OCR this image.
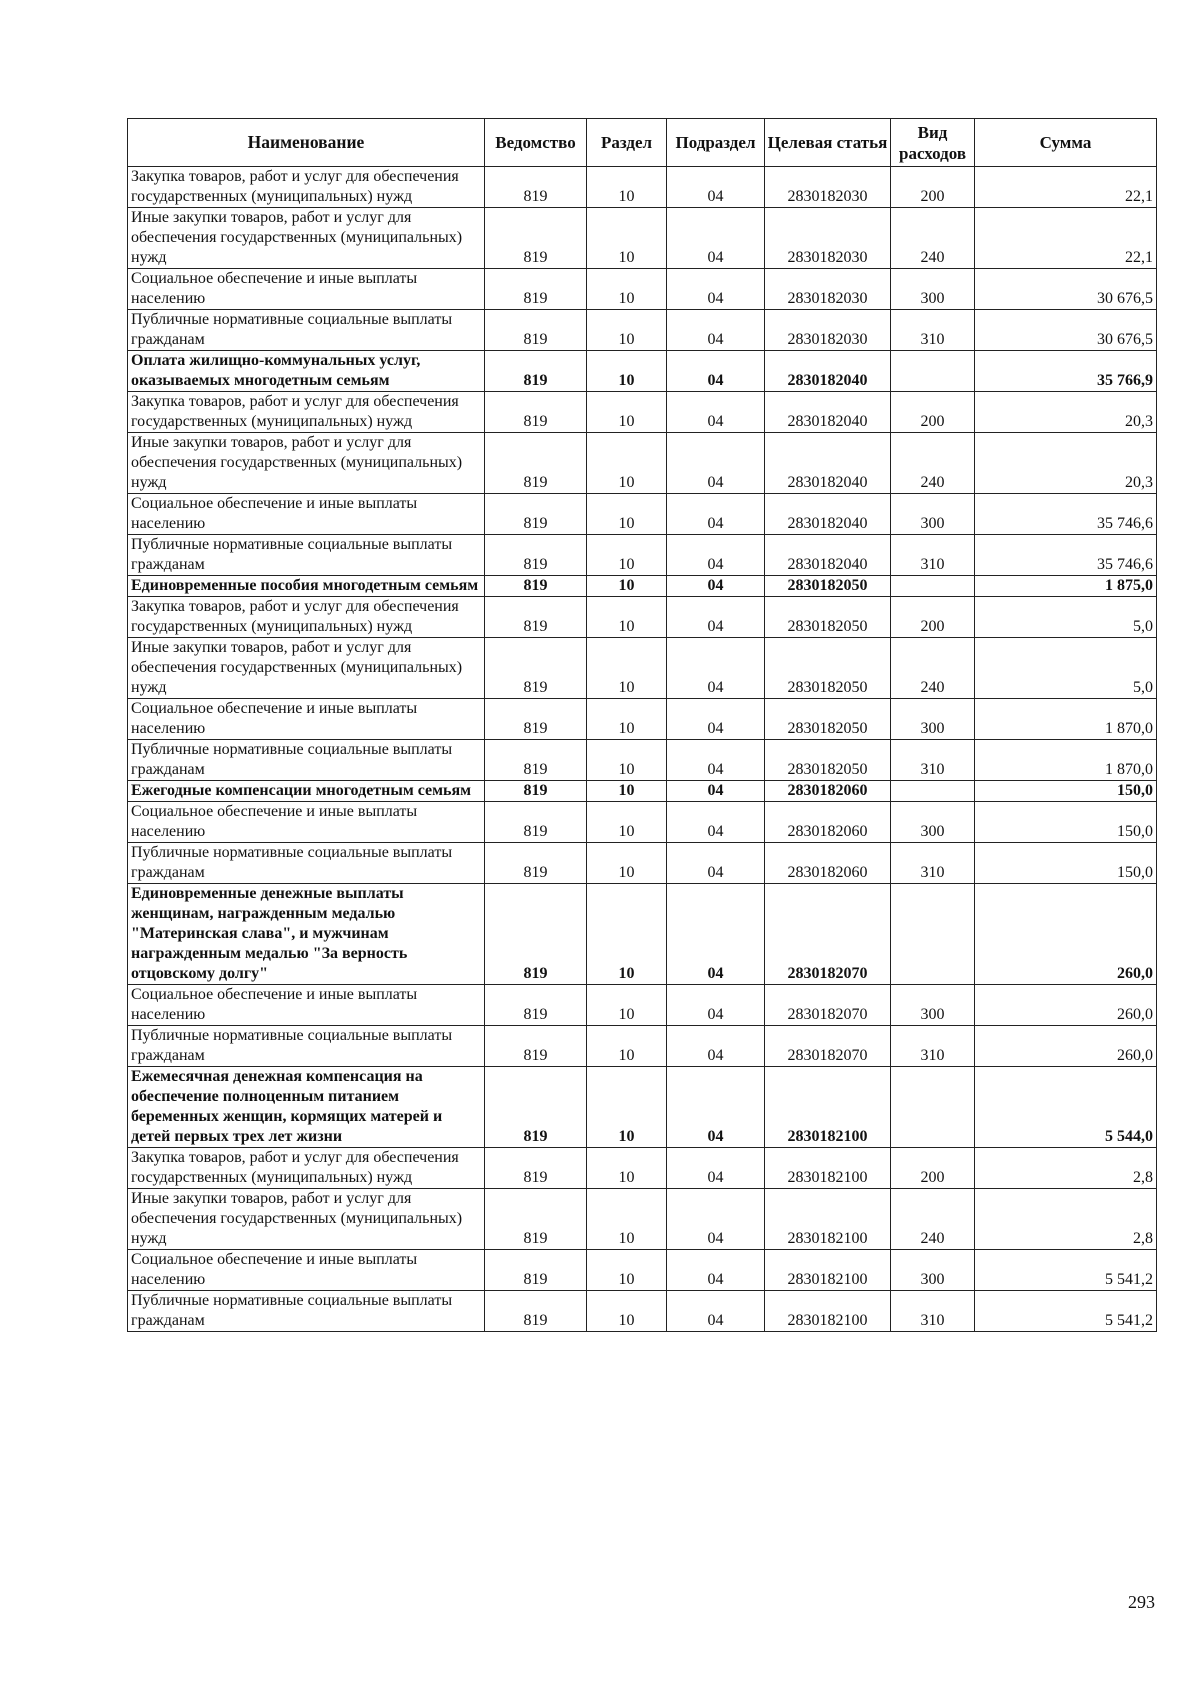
Наименование	Ведомство	Раздел	Подраздел	Целевая статья	Вид расходов	Сумма
Закупка товаров, работ и услуг для обеспечения государственных (муниципальных) нужд	819	10	04	2830182030	200	22,1
Иные закупки товаров, работ и услуг для обеспечения государственных (муниципальных) нужд	819	10	04	2830182030	240	22,1
Социальное обеспечение и иные выплаты населению	819	10	04	2830182030	300	30 676,5
Публичные нормативные социальные выплаты гражданам	819	10	04	2830182030	310	30 676,5
Оплата жилищно-коммунальных услуг, оказываемых многодетным семьям	819	10	04	2830182040		35 766,9
Закупка товаров, работ и услуг для обеспечения государственных (муниципальных) нужд	819	10	04	2830182040	200	20,3
Иные закупки товаров, работ и услуг для обеспечения государственных (муниципальных) нужд	819	10	04	2830182040	240	20,3
Социальное обеспечение и иные выплаты населению	819	10	04	2830182040	300	35 746,6
Публичные нормативные социальные выплаты гражданам	819	10	04	2830182040	310	35 746,6
Единовременные пособия многодетным семьям	819	10	04	2830182050		1 875,0
Закупка товаров, работ и услуг для обеспечения государственных (муниципальных) нужд	819	10	04	2830182050	200	5,0
Иные закупки товаров, работ и услуг для обеспечения государственных (муниципальных) нужд	819	10	04	2830182050	240	5,0
Социальное обеспечение и иные выплаты населению	819	10	04	2830182050	300	1 870,0
Публичные нормативные социальные выплаты гражданам	819	10	04	2830182050	310	1 870,0
Ежегодные компенсации многодетным семьям	819	10	04	2830182060		150,0
Социальное обеспечение и иные выплаты населению	819	10	04	2830182060	300	150,0
Публичные нормативные социальные выплаты гражданам	819	10	04	2830182060	310	150,0
Единовременные денежные выплаты женщинам, награжденным медалью "Материнская слава", и мужчинам награжденным медалью "За верность отцовскому долгу"	819	10	04	2830182070		260,0
Социальное обеспечение и иные выплаты населению	819	10	04	2830182070	300	260,0
Публичные нормативные социальные выплаты гражданам	819	10	04	2830182070	310	260,0
Ежемесячная денежная компенсация на обеспечение полноценным питанием беременных женщин, кормящих матерей и детей первых трех лет жизни	819	10	04	2830182100		5 544,0
Закупка товаров, работ и услуг для обеспечения государственных (муниципальных) нужд	819	10	04	2830182100	200	2,8
Иные закупки товаров, работ и услуг для обеспечения государственных (муниципальных) нужд	819	10	04	2830182100	240	2,8
Социальное обеспечение и иные выплаты населению	819	10	04	2830182100	300	5 541,2
Публичные нормативные социальные выплаты гражданам	819	10	04	2830182100	310	5 541,2
293
